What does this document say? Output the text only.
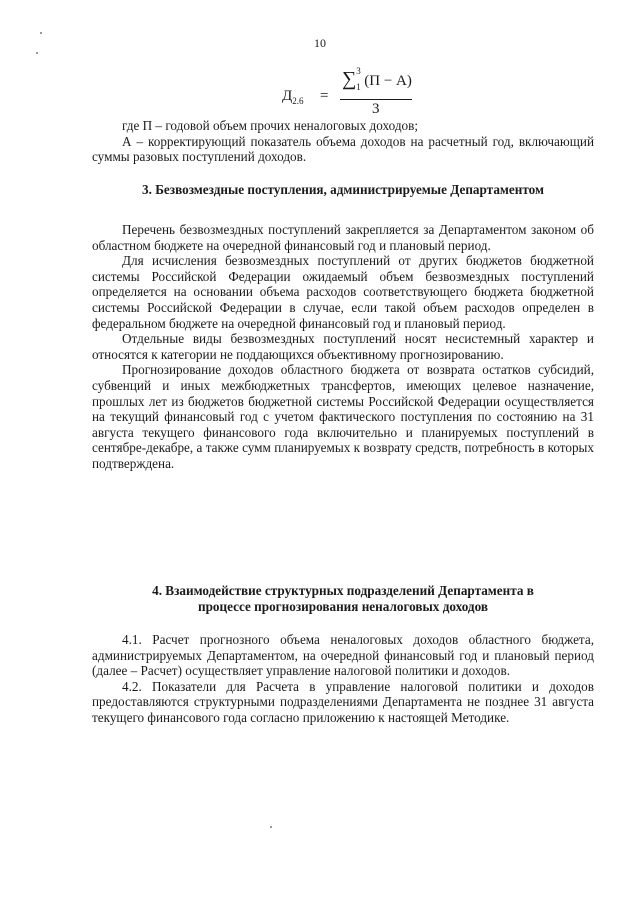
10
$Д_{2.6}$ =
∑ 3
1 (П − А)
3

где П – годовой объем прочих неналоговых доходов;

А – корректирующий показатель объема доходов на расчетный год, включающий суммы разовых поступлений доходов.

3. Безвозмездные поступления, администрируемые Департаментом

Перечень безвозмездных поступлений закрепляется за Департаментом законом об областном бюджете на очередной финансовый год и плановый период.

Для исчисления безвозмездных поступлений от других бюджетов бюджетной системы Российской Федерации ожидаемый объем безвозмездных поступлений определяется на основании объема расходов соответствующего бюджета бюджетной системы Российской Федерации в случае, если такой объем расходов определен в федеральном бюджете на очередной финансовый год и плановый период.

Отдельные виды безвозмездных поступлений носят несистемный характер и относятся к категории не поддающихся объективному прогнозированию.

Прогнозирование доходов областного бюджета от возврата остатков субсидий, субвенций и иных межбюджетных трансфертов, имеющих целевое назначение, прошлых лет из бюджетов бюджетной системы Российской Федерации осуществляется на текущий финансовый год с учетом фактического поступления по состоянию на 31 августа текущего финансового года включительно и планируемых поступлений в сентябре-декабре, а также сумм планируемых к возврату средств, потребность в которых подтверждена.

4. Взаимодействие структурных подразделений Департамента в
процессе прогнозирования неналоговых доходов

4.1. Расчет прогнозного объема неналоговых доходов областного бюджета, администрируемых Департаментом, на очередной финансовый год и плановый период (далее – Расчет) осуществляет управление налоговой политики и доходов.

4.2. Показатели для Расчета в управление налоговой политики и доходов предоставляются структурными подразделениями Департамента не позднее 31 августа текущего финансового года согласно приложению к настоящей Методике.
